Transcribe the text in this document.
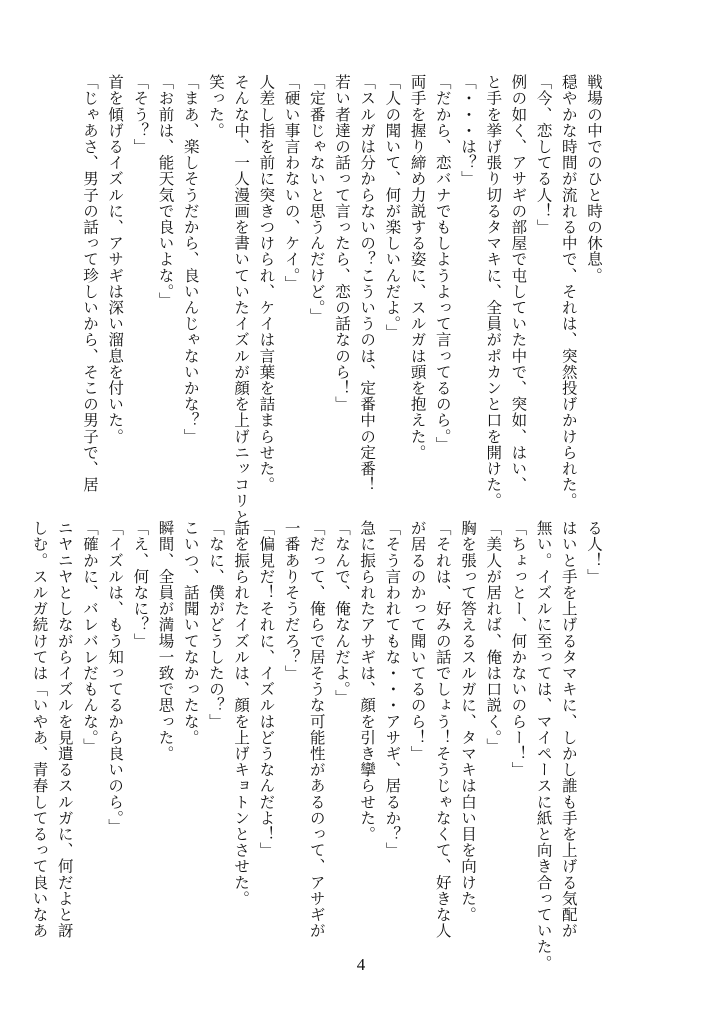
戦場の中でのひと時の休息。
穏やかな時間が流れる中で、それは、突然投げかけられた。
「今、恋してる人！」
例の如く、アサギの部屋で屯していた中で、突如、はい、
と手を挙げ張り切るタマキに、全員がポカンと口を開けた。
「・・・は？」
「だから、恋バナでもしようよって言ってるのら。」
両手を握り締め力説する姿に、スルガは頭を抱えた。
「人の聞いて、何が楽しいんだよ。」
「スルガは分からないの？こういうのは、定番中の定番！
若い者達の話って言ったら、恋の話なのら！」
「定番じゃないと思うんだけど。」
「硬い事言わないの、ケイ。」
人差し指を前に突きつけられ、ケイは言葉を詰まらせた。
そんな中、一人漫画を書いていたイズルが顔を上げニッコリと
笑った。
「まあ、楽しそうだから、良いんじゃないかな？」
「お前は、能天気で良いよな。」
「そう？」
首を傾げるイズルに、アサギは深い溜息を付いた。
「じゃあさ、男子の話って珍しいから、そこの男子で、居
る人！」
はいと手を上げるタマキに、しかし誰も手を上げる気配が
無い。イズルに至っては、マイペースに紙と向き合っていた。
「ちょっとー、何かないのらー！」
「美人が居れば、俺は口説く。」
胸を張って答えるスルガに、タマキは白い目を向けた。
「それは、好みの話でしょう！そうじゃなくて、好きな人
が居るのかって聞いてるのら！」
「そう言われてもな・・・アサギ、居るか？」
急に振られたアサギは、顔を引き攣らせた。
「なんで、俺なんだよ。」
「だって、俺らで居そうな可能性があるのって、アサギが
一番ありそうだろ？」
「偏見だ！それに、イズルはどうなんだよ！」
話を振られたイズルは、顔を上げキョトンとさせた。
「なに、僕がどうしたの？」
こいつ、話聞いてなかったな。
瞬間、全員が満場一致で思った。
「え、何なに？」
「イズルは、もう知ってるから良いのら。」
「確かに、バレバレだもんな。」
ニヤニヤとしながらイズルを見遣るスルガに、何だよと訝
しむ。スルガ続けては「いやあ、青春してるって良いなあ
4
